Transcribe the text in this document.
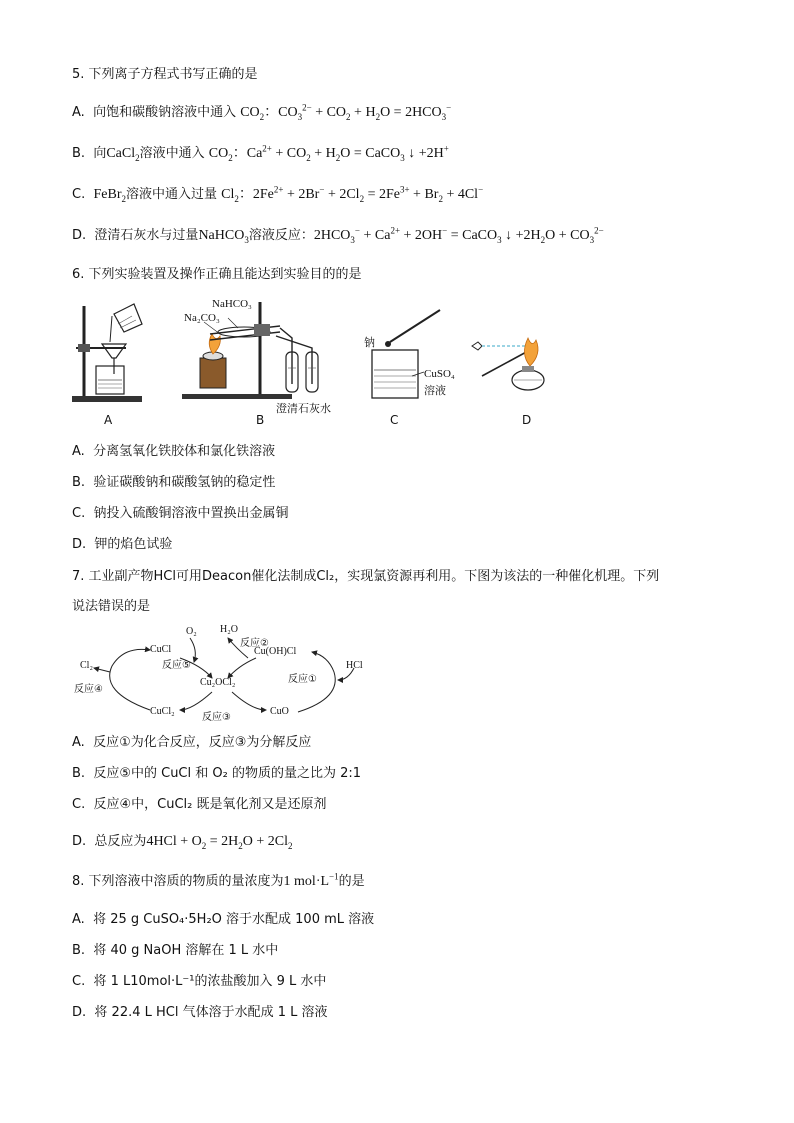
5. 下列离子方程式书写正确的是
A. 向饱和碳酸钠溶液中通入 $CO_2$：$CO_3^{2-} + CO_2 + H_2O = 2HCO_3^-$
B. 向CaCl$_2$溶液中通入 $CO_2$：$Ca^{2+} + CO_2 + H_2O$ = CaCO$_3$ ↓ +2H+
C. FeBr$_2$溶液中通入过量 $Cl_2$：$2Fe^{2+} + 2Br^- + 2Cl_2 = 2Fe^{3+} + Br_2 + 4Cl^-$
D. 澄清石灰水与过量NaHCO$_3$溶液反应：$2HCO_3^- + Ca^{2+} + 2OH^-$ = CaCO$_3$ ↓ $+2H_2O + CO_3^{2-}$
6. 下列实验装置及操作正确且能达到实验目的的是
A
NaHCO₃
Na₂CO₃
澄清石灰水
B
钠
CuSO₄
溶液
C	D
A. 分离氢氧化铁胶体和氯化铁溶液
B. 验证碳酸钠和碳酸氢钠的稳定性
C. 钠投入硫酸铜溶液中置换出金属铜
D. 钾的焰色试验
7. 工业副产物HCl可用Deacon催化法制成Cl₂，实现氯资源再利用。下图为该法的一种催化机理。下列
说法错误的是
O₂ H₂O
反应②
CuCl	Cu(OH)Cl
反应⑤
Cl₂	HCl
反应④
Cu₂OCl₂	反应①
CuCl₂
反应③
CuO
A. 反应①为化合反应，反应③为分解反应
B. 反应⑤中的 CuCl 和 O₂ 的物质的量之比为 2:1
C. 反应④中，CuCl₂ 既是氧化剂又是还原剂
D. 总反应为$4HCl + O_2 = 2H_2O + 2Cl_2$
8. 下列溶液中溶质的物质的量浓度为1 $mol\cdot L^{-1}$的是
A. 将 25 g CuSO₄·5H₂O 溶于水配成 100 mL 溶液
B. 将 40 g NaOH 溶解在 1 L 水中
C. 将 1 L10mol·L⁻¹的浓盐酸加入 9 L 水中
D. 将 22.4 L HCl 气体溶于水配成 1 L 溶液
